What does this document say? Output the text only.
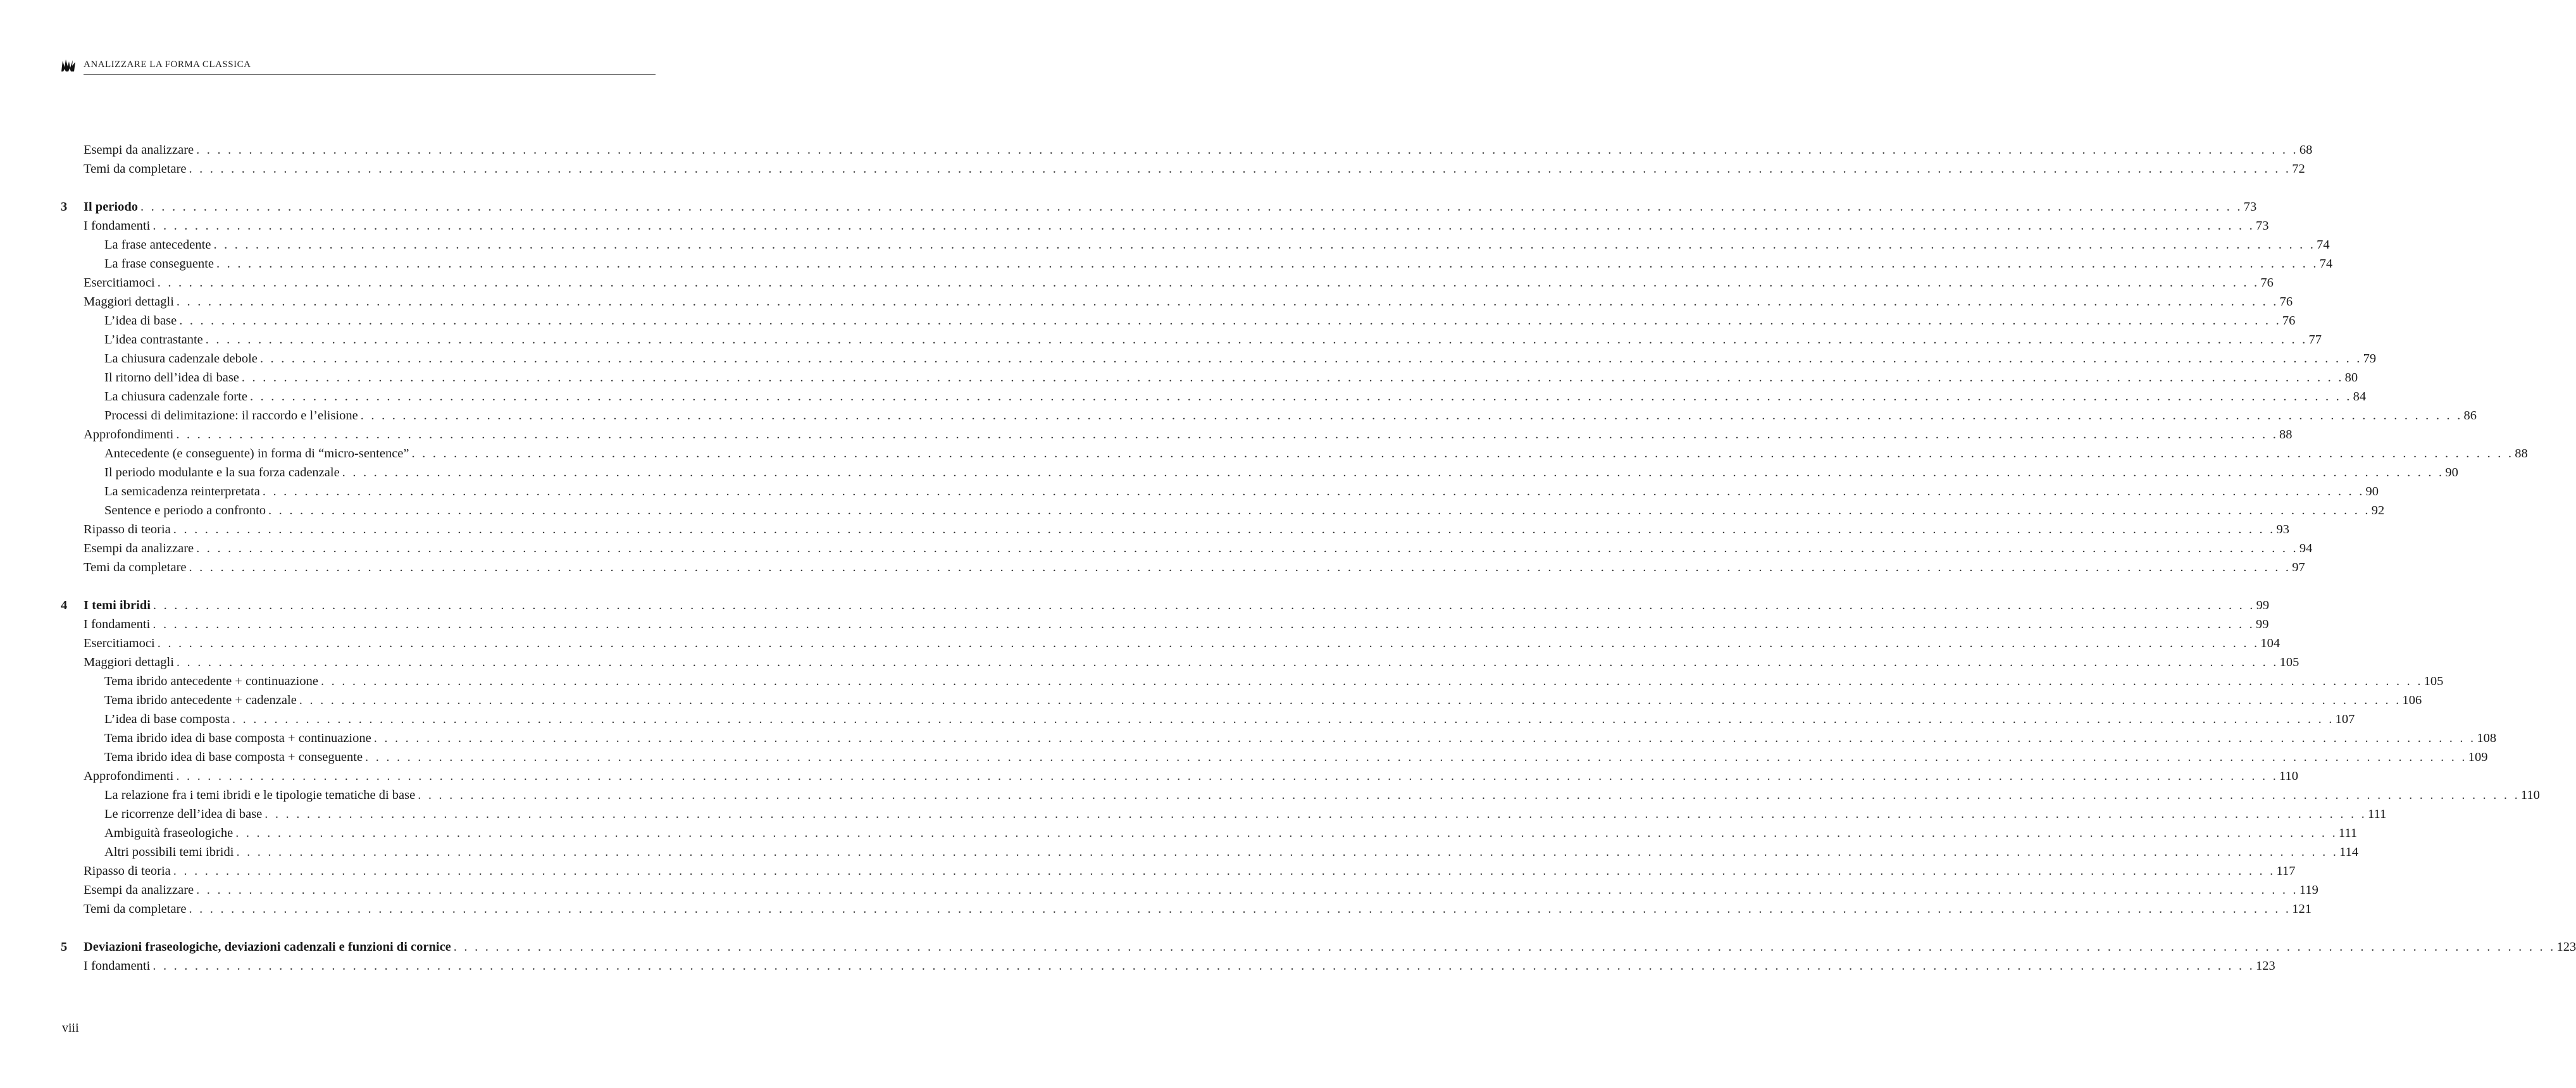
ANALIZZARE LA FORMA CLASSICA
Esempi da analizzare . . . . . . . . . . . . . . . . . . . . . . . . . . . . . . . . . . . . . . . . . . . . . . . . . . . . . . . . . . . . . . . . . . . . . . . . . . . . . . . . . . . . . . . . . . . . . . . . . . . . . . . . . . . . . . . . . . . . . . . . . . . . . . . . . . . . . . . . . . . . . . . . . . . . . . . . . . . . . . . . . . . . . . . . . . . . . . . . . . . . . . . . . . . . . . . . . . . . . . . . 68
Temi da completare . . . . . . . . . . . . . . . . . . . . . . . . . . . . . . . . . . . . . . . . . . . . . . . . . . . . . . . . . . . . . . . . . . . . . . . . . . . . . . . . . . . . . . . . . . . . . . . . . . . . . . . . . . . . . . . . . . . . . . . . . . . . . . . . . . . . . . . . . . . . . . . . . . . . . . . . . . . . . . . . . . . . . . . . . . . . . . . . . . . . . . . . . . . . . . . . . . . . . . . . 72
3	Il periodo . . . . . . . . . . . . . . . . . . . . . . . . . . . . . . . . . . . . . . . . . . . . . . . . . . . . . . . . . . . . . . . . . . . . . . . . . . . . . . . . . . . . . . . . . . . . . . . . . . . . . . . . . . . . . . . . . . . . . . . . . . . . . . . . . . . . . . . . . . . . . . . . . . . . . . . . . . . . . . . . . . . . . . . . . . . . . . . . . . . . . . . . . . . . . . . . . . . . . . . . 73
I fondamenti . . . . . . . . . . . . . . . . . . . . . . . . . . . . . . . . . . . . . . . . . . . . . . . . . . . . . . . . . . . . . . . . . . . . . . . . . . . . . . . . . . . . . . . . . . . . . . . . . . . . . . . . . . . . . . . . . . . . . . . . . . . . . . . . . . . . . . . . . . . . . . . . . . . . . . . . . . . . . . . . . . . . . . . . . . . . . . . . . . . . . . . . . . . . . . . . . . . . . . . . 73
La frase antecedente . . . . . . . . . . . . . . . . . . . . . . . . . . . . . . . . . . . . . . . . . . . . . . . . . . . . . . . . . . . . . . . . . . . . . . . . . . . . . . . . . . . . . . . . . . . . . . . . . . . . . . . . . . . . . . . . . . . . . . . . . . . . . . . . . . . . . . . . . . . . . . . . . . . . . . . . . . . . . . . . . . . . . . . . . . . . . . . . . . . . . . . . . . . . . . . . . . . . . . . . 74
La frase conseguente . . . . . . . . . . . . . . . . . . . . . . . . . . . . . . . . . . . . . . . . . . . . . . . . . . . . . . . . . . . . . . . . . . . . . . . . . . . . . . . . . . . . . . . . . . . . . . . . . . . . . . . . . . . . . . . . . . . . . . . . . . . . . . . . . . . . . . . . . . . . . . . . . . . . . . . . . . . . . . . . . . . . . . . . . . . . . . . . . . . . . . . . . . . . . . . . . . . . . . . . 74
Esercitiamoci . . . . . . . . . . . . . . . . . . . . . . . . . . . . . . . . . . . . . . . . . . . . . . . . . . . . . . . . . . . . . . . . . . . . . . . . . . . . . . . . . . . . . . . . . . . . . . . . . . . . . . . . . . . . . . . . . . . . . . . . . . . . . . . . . . . . . . . . . . . . . . . . . . . . . . . . . . . . . . . . . . . . . . . . . . . . . . . . . . . . . . . . . . . . . . . . . . . . . . . . 76
Maggiori dettagli . . . . . . . . . . . . . . . . . . . . . . . . . . . . . . . . . . . . . . . . . . . . . . . . . . . . . . . . . . . . . . . . . . . . . . . . . . . . . . . . . . . . . . . . . . . . . . . . . . . . . . . . . . . . . . . . . . . . . . . . . . . . . . . . . . . . . . . . . . . . . . . . . . . . . . . . . . . . . . . . . . . . . . . . . . . . . . . . . . . . . . . . . . . . . . . . . . . . . . . . 76
L’idea di base . . . . . . . . . . . . . . . . . . . . . . . . . . . . . . . . . . . . . . . . . . . . . . . . . . . . . . . . . . . . . . . . . . . . . . . . . . . . . . . . . . . . . . . . . . . . . . . . . . . . . . . . . . . . . . . . . . . . . . . . . . . . . . . . . . . . . . . . . . . . . . . . . . . . . . . . . . . . . . . . . . . . . . . . . . . . . . . . . . . . . . . . . . . . . . . . . . . . . . . . 76
L’idea contrastante . . . . . . . . . . . . . . . . . . . . . . . . . . . . . . . . . . . . . . . . . . . . . . . . . . . . . . . . . . . . . . . . . . . . . . . . . . . . . . . . . . . . . . . . . . . . . . . . . . . . . . . . . . . . . . . . . . . . . . . . . . . . . . . . . . . . . . . . . . . . . . . . . . . . . . . . . . . . . . . . . . . . . . . . . . . . . . . . . . . . . . . . . . . . . . . . . . . . . . . . 77
La chiusura cadenzale debole . . . . . . . . . . . . . . . . . . . . . . . . . . . . . . . . . . . . . . . . . . . . . . . . . . . . . . . . . . . . . . . . . . . . . . . . . . . . . . . . . . . . . . . . . . . . . . . . . . . . . . . . . . . . . . . . . . . . . . . . . . . . . . . . . . . . . . . . . . . . . . . . . . . . . . . . . . . . . . . . . . . . . . . . . . . . . . . . . . . . . . . . . . . . . . . . . . . . . . . . 79
Il ritorno dell’idea di base . . . . . . . . . . . . . . . . . . . . . . . . . . . . . . . . . . . . . . . . . . . . . . . . . . . . . . . . . . . . . . . . . . . . . . . . . . . . . . . . . . . . . . . . . . . . . . . . . . . . . . . . . . . . . . . . . . . . . . . . . . . . . . . . . . . . . . . . . . . . . . . . . . . . . . . . . . . . . . . . . . . . . . . . . . . . . . . . . . . . . . . . . . . . . . . . . . . . . . . . 80
La chiusura cadenzale forte . . . . . . . . . . . . . . . . . . . . . . . . . . . . . . . . . . . . . . . . . . . . . . . . . . . . . . . . . . . . . . . . . . . . . . . . . . . . . . . . . . . . . . . . . . . . . . . . . . . . . . . . . . . . . . . . . . . . . . . . . . . . . . . . . . . . . . . . . . . . . . . . . . . . . . . . . . . . . . . . . . . . . . . . . . . . . . . . . . . . . . . . . . . . . . . . . . . . . . . . 84
Processi di delimitazione: il raccordo e l’elisione . . . . . . . . . . . . . . . . . . . . . . . . . . . . . . . . . . . . . . . . . . . . . . . . . . . . . . . . . . . . . . . . . . . . . . . . . . . . . . . . . . . . . . . . . . . . . . . . . . . . . . . . . . . . . . . . . . . . . . . . . . . . . . . . . . . . . . . . . . . . . . . . . . . . . . . . . . . . . . . . . . . . . . . . . . . . . . . . . . . . . . . . . . . . . . . . . . . . . . . . 86
Approfondimenti . . . . . . . . . . . . . . . . . . . . . . . . . . . . . . . . . . . . . . . . . . . . . . . . . . . . . . . . . . . . . . . . . . . . . . . . . . . . . . . . . . . . . . . . . . . . . . . . . . . . . . . . . . . . . . . . . . . . . . . . . . . . . . . . . . . . . . . . . . . . . . . . . . . . . . . . . . . . . . . . . . . . . . . . . . . . . . . . . . . . . . . . . . . . . . . . . . . . . . . . 88
Antecedente (e conseguente) in forma di “micro-sentence” . . . . . . . . . . . . . . . . . . . . . . . . . . . . . . . . . . . . . . . . . . . . . . . . . . . . . . . . . . . . . . . . . . . . . . . . . . . . . . . . . . . . . . . . . . . . . . . . . . . . . . . . . . . . . . . . . . . . . . . . . . . . . . . . . . . . . . . . . . . . . . . . . . . . . . . . . . . . . . . . . . . . . . . . . . . . . . . . . . . . . . . . . . . . . . . . . . . . . . . . 88
Il periodo modulante e la sua forza cadenzale . . . . . . . . . . . . . . . . . . . . . . . . . . . . . . . . . . . . . . . . . . . . . . . . . . . . . . . . . . . . . . . . . . . . . . . . . . . . . . . . . . . . . . . . . . . . . . . . . . . . . . . . . . . . . . . . . . . . . . . . . . . . . . . . . . . . . . . . . . . . . . . . . . . . . . . . . . . . . . . . . . . . . . . . . . . . . . . . . . . . . . . . . . . . . . . . . . . . . . . . 90
La semicadenza reinterpretata . . . . . . . . . . . . . . . . . . . . . . . . . . . . . . . . . . . . . . . . . . . . . . . . . . . . . . . . . . . . . . . . . . . . . . . . . . . . . . . . . . . . . . . . . . . . . . . . . . . . . . . . . . . . . . . . . . . . . . . . . . . . . . . . . . . . . . . . . . . . . . . . . . . . . . . . . . . . . . . . . . . . . . . . . . . . . . . . . . . . . . . . . . . . . . . . . . . . . . . . 90
Sentence e periodo a confronto . . . . . . . . . . . . . . . . . . . . . . . . . . . . . . . . . . . . . . . . . . . . . . . . . . . . . . . . . . . . . . . . . . . . . . . . . . . . . . . . . . . . . . . . . . . . . . . . . . . . . . . . . . . . . . . . . . . . . . . . . . . . . . . . . . . . . . . . . . . . . . . . . . . . . . . . . . . . . . . . . . . . . . . . . . . . . . . . . . . . . . . . . . . . . . . . . . . . . . . . 92
Ripasso di teoria . . . . . . . . . . . . . . . . . . . . . . . . . . . . . . . . . . . . . . . . . . . . . . . . . . . . . . . . . . . . . . . . . . . . . . . . . . . . . . . . . . . . . . . . . . . . . . . . . . . . . . . . . . . . . . . . . . . . . . . . . . . . . . . . . . . . . . . . . . . . . . . . . . . . . . . . . . . . . . . . . . . . . . . . . . . . . . . . . . . . . . . . . . . . . . . . . . . . . . . . 93
Esempi da analizzare . . . . . . . . . . . . . . . . . . . . . . . . . . . . . . . . . . . . . . . . . . . . . . . . . . . . . . . . . . . . . . . . . . . . . . . . . . . . . . . . . . . . . . . . . . . . . . . . . . . . . . . . . . . . . . . . . . . . . . . . . . . . . . . . . . . . . . . . . . . . . . . . . . . . . . . . . . . . . . . . . . . . . . . . . . . . . . . . . . . . . . . . . . . . . . . . . . . . . . . . 94
Temi da completare . . . . . . . . . . . . . . . . . . . . . . . . . . . . . . . . . . . . . . . . . . . . . . . . . . . . . . . . . . . . . . . . . . . . . . . . . . . . . . . . . . . . . . . . . . . . . . . . . . . . . . . . . . . . . . . . . . . . . . . . . . . . . . . . . . . . . . . . . . . . . . . . . . . . . . . . . . . . . . . . . . . . . . . . . . . . . . . . . . . . . . . . . . . . . . . . . . . . . . . . 97
4	I temi ibridi . . . . . . . . . . . . . . . . . . . . . . . . . . . . . . . . . . . . . . . . . . . . . . . . . . . . . . . . . . . . . . . . . . . . . . . . . . . . . . . . . . . . . . . . . . . . . . . . . . . . . . . . . . . . . . . . . . . . . . . . . . . . . . . . . . . . . . . . . . . . . . . . . . . . . . . . . . . . . . . . . . . . . . . . . . . . . . . . . . . . . . . . . . . . . . . . . . . . . . . . 99
I fondamenti . . . . . . . . . . . . . . . . . . . . . . . . . . . . . . . . . . . . . . . . . . . . . . . . . . . . . . . . . . . . . . . . . . . . . . . . . . . . . . . . . . . . . . . . . . . . . . . . . . . . . . . . . . . . . . . . . . . . . . . . . . . . . . . . . . . . . . . . . . . . . . . . . . . . . . . . . . . . . . . . . . . . . . . . . . . . . . . . . . . . . . . . . . . . . . . . . . . . . . . . 99
Esercitiamoci . . . . . . . . . . . . . . . . . . . . . . . . . . . . . . . . . . . . . . . . . . . . . . . . . . . . . . . . . . . . . . . . . . . . . . . . . . . . . . . . . . . . . . . . . . . . . . . . . . . . . . . . . . . . . . . . . . . . . . . . . . . . . . . . . . . . . . . . . . . . . . . . . . . . . . . . . . . . . . . . . . . . . . . . . . . . . . . . . . . . . . . . . . . . . . . . . . . . . . . . 104
Maggiori dettagli . . . . . . . . . . . . . . . . . . . . . . . . . . . . . . . . . . . . . . . . . . . . . . . . . . . . . . . . . . . . . . . . . . . . . . . . . . . . . . . . . . . . . . . . . . . . . . . . . . . . . . . . . . . . . . . . . . . . . . . . . . . . . . . . . . . . . . . . . . . . . . . . . . . . . . . . . . . . . . . . . . . . . . . . . . . . . . . . . . . . . . . . . . . . . . . . . . . . . . . . 105
Tema ibrido antecedente + continuazione . . . . . . . . . . . . . . . . . . . . . . . . . . . . . . . . . . . . . . . . . . . . . . . . . . . . . . . . . . . . . . . . . . . . . . . . . . . . . . . . . . . . . . . . . . . . . . . . . . . . . . . . . . . . . . . . . . . . . . . . . . . . . . . . . . . . . . . . . . . . . . . . . . . . . . . . . . . . . . . . . . . . . . . . . . . . . . . . . . . . . . . . . . . . . . . . . . . . . . . . 105
Tema ibrido antecedente + cadenzale . . . . . . . . . . . . . . . . . . . . . . . . . . . . . . . . . . . . . . . . . . . . . . . . . . . . . . . . . . . . . . . . . . . . . . . . . . . . . . . . . . . . . . . . . . . . . . . . . . . . . . . . . . . . . . . . . . . . . . . . . . . . . . . . . . . . . . . . . . . . . . . . . . . . . . . . . . . . . . . . . . . . . . . . . . . . . . . . . . . . . . . . . . . . . . . . . . . . . . . . 106
L’idea di base composta . . . . . . . . . . . . . . . . . . . . . . . . . . . . . . . . . . . . . . . . . . . . . . . . . . . . . . . . . . . . . . . . . . . . . . . . . . . . . . . . . . . . . . . . . . . . . . . . . . . . . . . . . . . . . . . . . . . . . . . . . . . . . . . . . . . . . . . . . . . . . . . . . . . . . . . . . . . . . . . . . . . . . . . . . . . . . . . . . . . . . . . . . . . . . . . . . . . . . . . . 107
Tema ibrido idea di base composta + continuazione . . . . . . . . . . . . . . . . . . . . . . . . . . . . . . . . . . . . . . . . . . . . . . . . . . . . . . . . . . . . . . . . . . . . . . . . . . . . . . . . . . . . . . . . . . . . . . . . . . . . . . . . . . . . . . . . . . . . . . . . . . . . . . . . . . . . . . . . . . . . . . . . . . . . . . . . . . . . . . . . . . . . . . . . . . . . . . . . . . . . . . . . . . . . . . . . . . . . . . . . 108
Tema ibrido idea di base composta + conseguente . . . . . . . . . . . . . . . . . . . . . . . . . . . . . . . . . . . . . . . . . . . . . . . . . . . . . . . . . . . . . . . . . . . . . . . . . . . . . . . . . . . . . . . . . . . . . . . . . . . . . . . . . . . . . . . . . . . . . . . . . . . . . . . . . . . . . . . . . . . . . . . . . . . . . . . . . . . . . . . . . . . . . . . . . . . . . . . . . . . . . . . . . . . . . . . . . . . . . . . . 109
Approfondimenti . . . . . . . . . . . . . . . . . . . . . . . . . . . . . . . . . . . . . . . . . . . . . . . . . . . . . . . . . . . . . . . . . . . . . . . . . . . . . . . . . . . . . . . . . . . . . . . . . . . . . . . . . . . . . . . . . . . . . . . . . . . . . . . . . . . . . . . . . . . . . . . . . . . . . . . . . . . . . . . . . . . . . . . . . . . . . . . . . . . . . . . . . . . . . . . . . . . . . . . . 110
La relazione fra i temi ibridi e le tipologie tematiche di base . . . . . . . . . . . . . . . . . . . . . . . . . . . . . . . . . . . . . . . . . . . . . . . . . . . . . . . . . . . . . . . . . . . . . . . . . . . . . . . . . . . . . . . . . . . . . . . . . . . . . . . . . . . . . . . . . . . . . . . . . . . . . . . . . . . . . . . . . . . . . . . . . . . . . . . . . . . . . . . . . . . . . . . . . . . . . . . . . . . . . . . . . . . . . . . . . . . . . . . . 110
Le ricorrenze dell’idea di base . . . . . . . . . . . . . . . . . . . . . . . . . . . . . . . . . . . . . . . . . . . . . . . . . . . . . . . . . . . . . . . . . . . . . . . . . . . . . . . . . . . . . . . . . . . . . . . . . . . . . . . . . . . . . . . . . . . . . . . . . . . . . . . . . . . . . . . . . . . . . . . . . . . . . . . . . . . . . . . . . . . . . . . . . . . . . . . . . . . . . . . . . . . . . . . . . . . . . . . . 111
Ambiguità fraseologiche . . . . . . . . . . . . . . . . . . . . . . . . . . . . . . . . . . . . . . . . . . . . . . . . . . . . . . . . . . . . . . . . . . . . . . . . . . . . . . . . . . . . . . . . . . . . . . . . . . . . . . . . . . . . . . . . . . . . . . . . . . . . . . . . . . . . . . . . . . . . . . . . . . . . . . . . . . . . . . . . . . . . . . . . . . . . . . . . . . . . . . . . . . . . . . . . . . . . . . . . 111
Altri possibili temi ibridi . . . . . . . . . . . . . . . . . . . . . . . . . . . . . . . . . . . . . . . . . . . . . . . . . . . . . . . . . . . . . . . . . . . . . . . . . . . . . . . . . . . . . . . . . . . . . . . . . . . . . . . . . . . . . . . . . . . . . . . . . . . . . . . . . . . . . . . . . . . . . . . . . . . . . . . . . . . . . . . . . . . . . . . . . . . . . . . . . . . . . . . . . . . . . . . . . . . . . . . . 114
Ripasso di teoria . . . . . . . . . . . . . . . . . . . . . . . . . . . . . . . . . . . . . . . . . . . . . . . . . . . . . . . . . . . . . . . . . . . . . . . . . . . . . . . . . . . . . . . . . . . . . . . . . . . . . . . . . . . . . . . . . . . . . . . . . . . . . . . . . . . . . . . . . . . . . . . . . . . . . . . . . . . . . . . . . . . . . . . . . . . . . . . . . . . . . . . . . . . . . . . . . . . . . . . . 117
Esempi da analizzare . . . . . . . . . . . . . . . . . . . . . . . . . . . . . . . . . . . . . . . . . . . . . . . . . . . . . . . . . . . . . . . . . . . . . . . . . . . . . . . . . . . . . . . . . . . . . . . . . . . . . . . . . . . . . . . . . . . . . . . . . . . . . . . . . . . . . . . . . . . . . . . . . . . . . . . . . . . . . . . . . . . . . . . . . . . . . . . . . . . . . . . . . . . . . . . . . . . . . . . . 119
Temi da completare . . . . . . . . . . . . . . . . . . . . . . . . . . . . . . . . . . . . . . . . . . . . . . . . . . . . . . . . . . . . . . . . . . . . . . . . . . . . . . . . . . . . . . . . . . . . . . . . . . . . . . . . . . . . . . . . . . . . . . . . . . . . . . . . . . . . . . . . . . . . . . . . . . . . . . . . . . . . . . . . . . . . . . . . . . . . . . . . . . . . . . . . . . . . . . . . . . . . . . . . 121
5	Deviazioni fraseologiche, deviazioni cadenzali e funzioni di cornice . . . . . . . . . . . . . . . . . . . . . . . . . . . . . . . . . . . . . . . . . . . . . . . . . . . . . . . . . . . . . . . . . . . . . . . . . . . . . . . . . . . . . . . . . . . . . . . . . . . . . . . . . . . . . . . . . . . . . . . . . . . . . . . . . . . . . . . . . . . . . . . . . . . . . . . . . . . . . . . . . . . . . . . . . . . . . . . . . . . . . . . . . . . . . . . . . . . . . . . . 123
I fondamenti . . . . . . . . . . . . . . . . . . . . . . . . . . . . . . . . . . . . . . . . . . . . . . . . . . . . . . . . . . . . . . . . . . . . . . . . . . . . . . . . . . . . . . . . . . . . . . . . . . . . . . . . . . . . . . . . . . . . . . . . . . . . . . . . . . . . . . . . . . . . . . . . . . . . . . . . . . . . . . . . . . . . . . . . . . . . . . . . . . . . . . . . . . . . . . . . . . . . . . . . 123
viii
